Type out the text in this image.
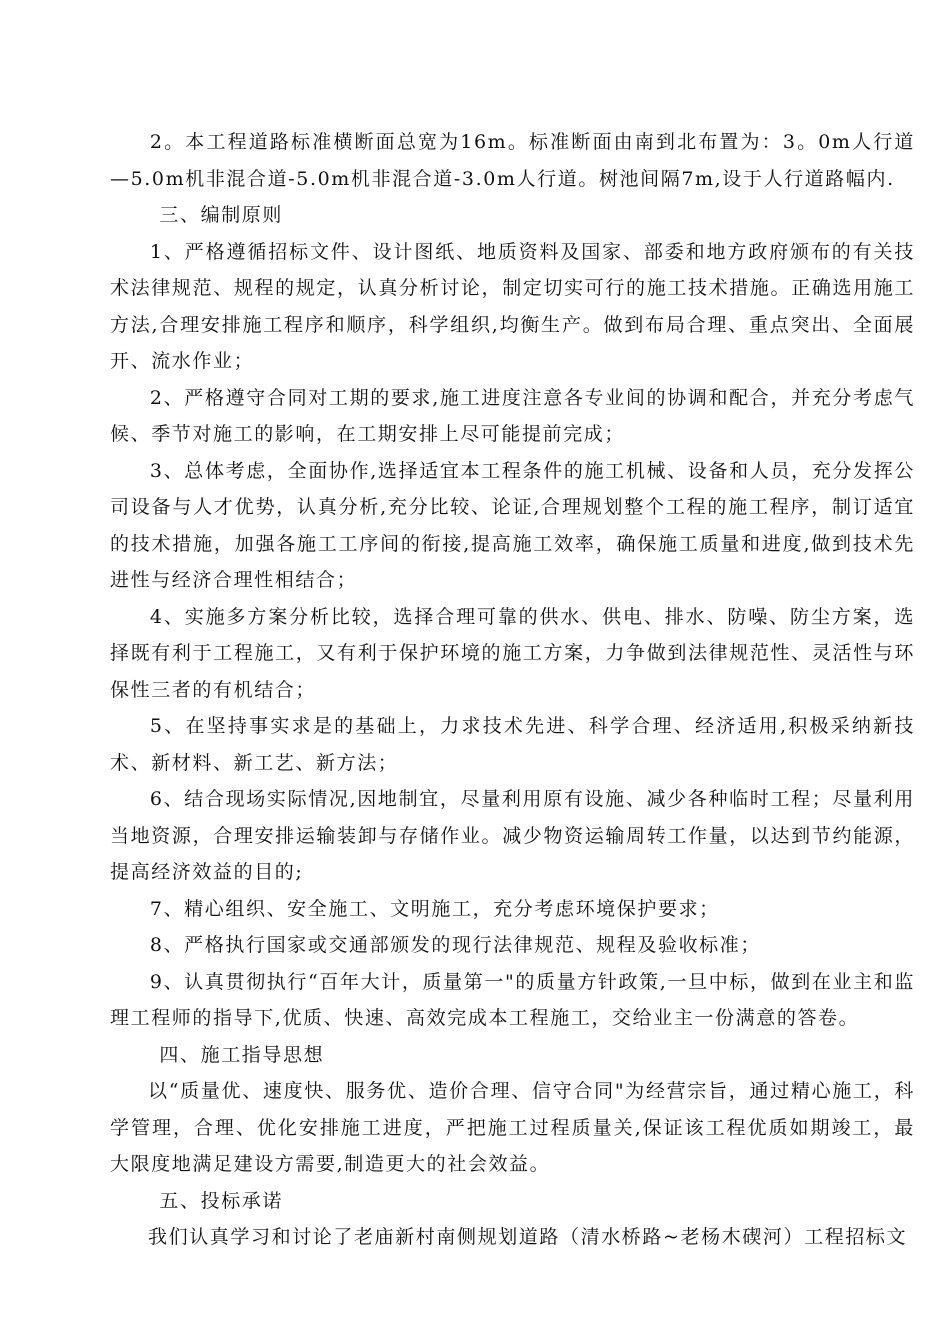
2。本工程道路标准横断面总宽为16m。标准断面由南到北布置为：3。0m人行道—5.0m机非混合道-5.0m机非混合道-3.0m人行道。树池间隔7m,设于人行道路幅内.

三、编制原则

1、严格遵循招标文件、设计图纸、地质资料及国家、部委和地方政府颁布的有关技术法律规范、规程的规定，认真分析讨论，制定切实可行的施工技术措施。正确选用施工方法,合理安排施工程序和顺序，科学组织,均衡生产。做到布局合理、重点突出、全面展开、流水作业；

2、严格遵守合同对工期的要求,施工进度注意各专业间的协调和配合，并充分考虑气候、季节对施工的影响，在工期安排上尽可能提前完成；

3、总体考虑，全面协作,选择适宜本工程条件的施工机械、设备和人员，充分发挥公司设备与人才优势，认真分析,充分比较、论证,合理规划整个工程的施工程序，制订适宜的技术措施，加强各施工工序间的衔接,提高施工效率，确保施工质量和进度,做到技术先进性与经济合理性相结合；

4、实施多方案分析比较，选择合理可靠的供水、供电、排水、防噪、防尘方案，选择既有利于工程施工，又有利于保护环境的施工方案，力争做到法律规范性、灵活性与环保性三者的有机结合；

5、在坚持事实求是的基础上，力求技术先进、科学合理、经济适用,积极采纳新技术、新材料、新工艺、新方法；

6、结合现场实际情况,因地制宜，尽量利用原有设施、减少各种临时工程；尽量利用当地资源，合理安排运输装卸与存储作业。减少物资运输周转工作量，以达到节约能源，提高经济效益的目的;

7、精心组织、安全施工、文明施工，充分考虑环境保护要求；

8、严格执行国家或交通部颁发的现行法律规范、规程及验收标准；

9、认真贯彻执行“百年大计，质量第一"的质量方针政策,一旦中标，做到在业主和监理工程师的指导下,优质、快速、高效完成本工程施工，交给业主一份满意的答卷。

四、施工指导思想

以“质量优、速度快、服务优、造价合理、信守合同"为经营宗旨，通过精心施工，科学管理，合理、优化安排施工进度，严把施工过程质量关,保证该工程优质如期竣工，最大限度地满足建设方需要,制造更大的社会效益。

五、投标承诺

我们认真学习和讨论了老庙新村南侧规划道路（清水桥路~老杨木碶河）工程招标文
